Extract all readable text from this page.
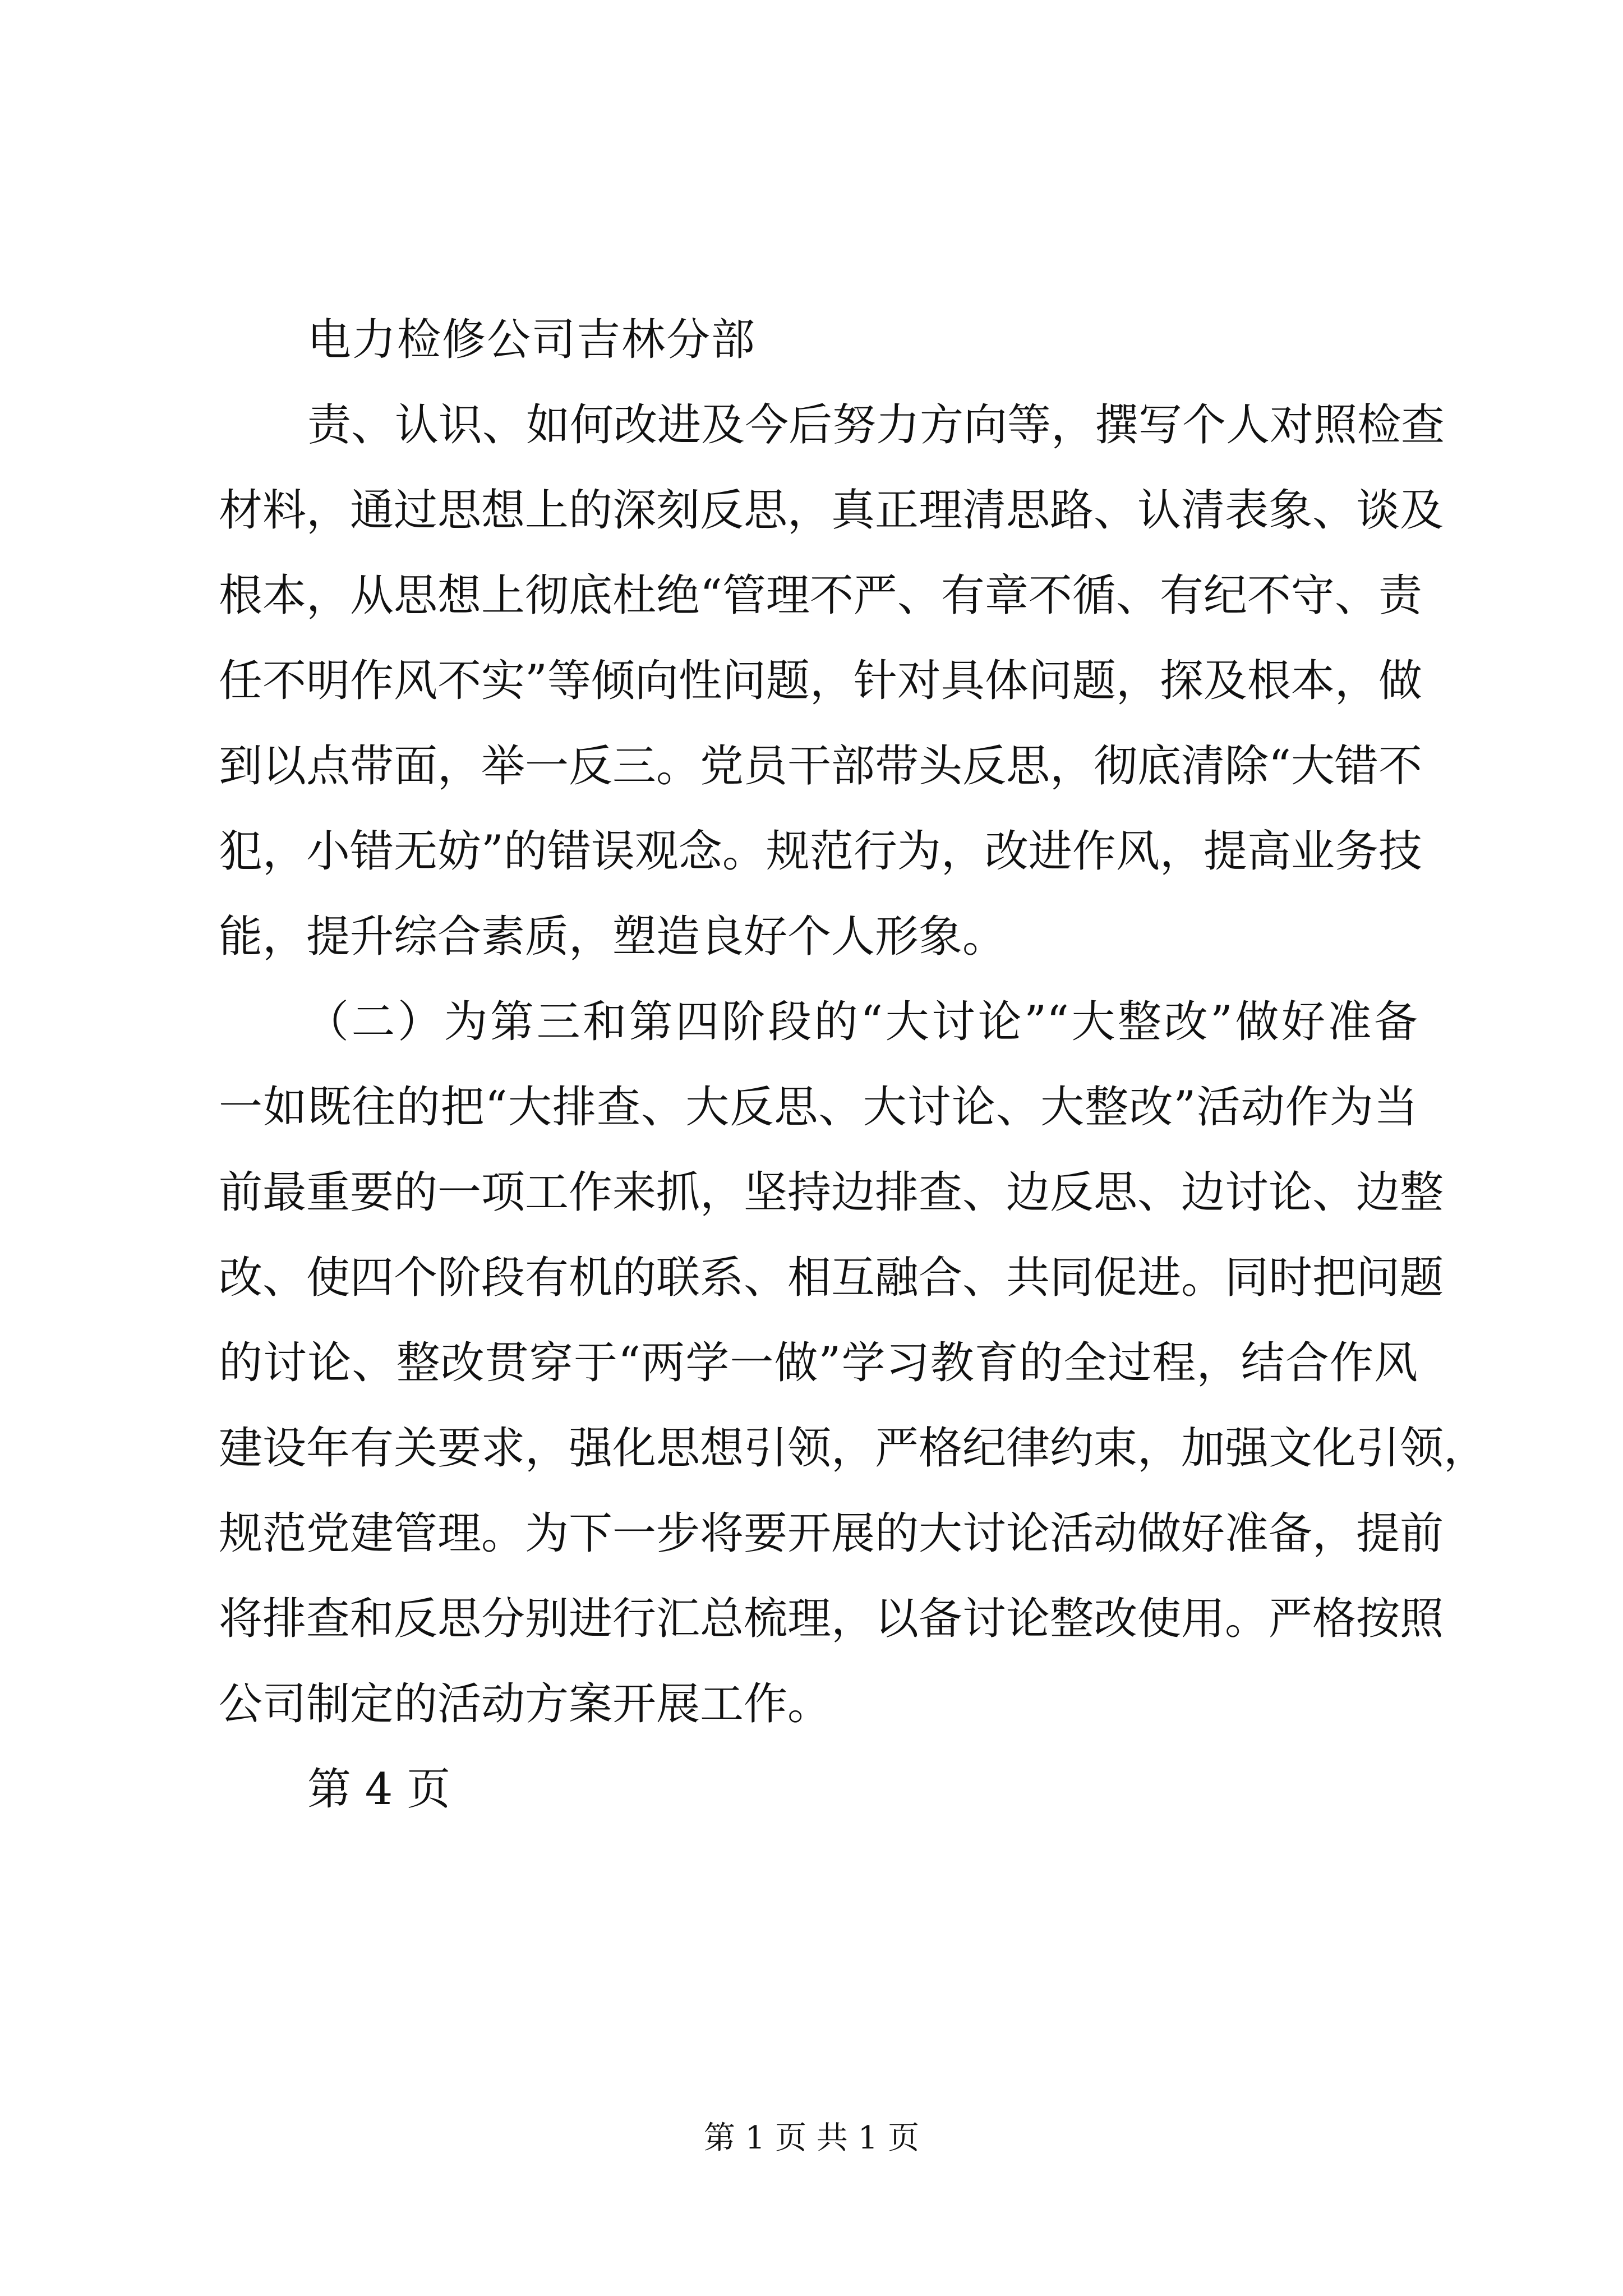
电力检修公司吉林分部

责、认识、如何改进及今后努力方向等，撰写个人对照检查

材料，通过思想上的深刻反思，真正理清思路、认清表象、谈及

根本，从思想上彻底杜绝“管理不严、有章不循、有纪不守、责

任不明作风不实”等倾向性问题，针对具体问题，探及根本，做

到以点带面，举一反三。党员干部带头反思，彻底清除“大错不

犯，小错无妨”的错误观念。规范行为，改进作风，提高业务技

能，提升综合素质，塑造良好个人形象。

（二）为第三和第四阶段的“大讨论”“大整改”做好准备

一如既往的把“大排查、大反思、大讨论、大整改”活动作为当

前最重要的一项工作来抓，坚持边排查、边反思、边讨论、边整

改、使四个阶段有机的联系、相互融合、共同促进。同时把问题

的讨论、整改贯穿于“两学一做”学习教育的全过程，结合作风

建设年有关要求，强化思想引领，严格纪律约束，加强文化引领，

规范党建管理。为下一步将要开展的大讨论活动做好准备，提前

将排查和反思分别进行汇总梳理，以备讨论整改使用。严格按照

公司制定的活动方案开展工作。

第 4 页

第 1 页 共 1 页
